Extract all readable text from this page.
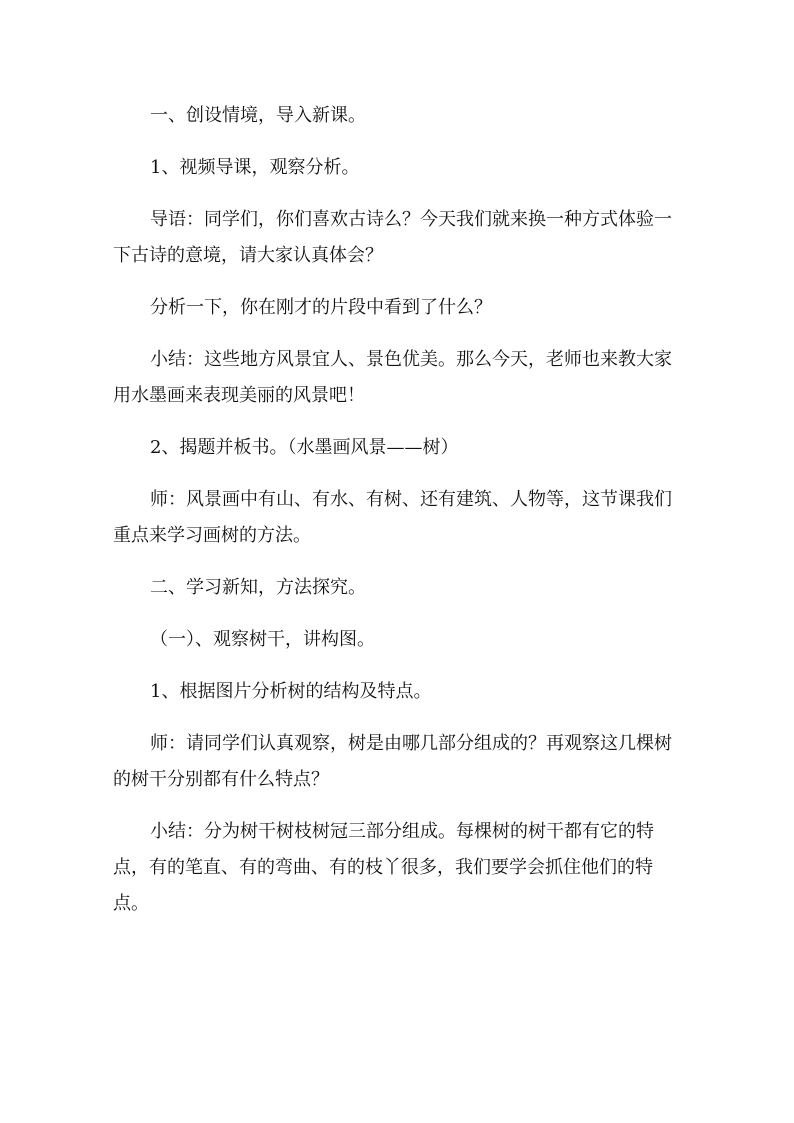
一、创设情境，导入新课。

1、视频导课，观察分析。

导语：同学们，你们喜欢古诗么？今天我们就来换一种方式体验一下古诗的意境，请大家认真体会？

分析一下，你在刚才的片段中看到了什么？

小结：这些地方风景宜人、景色优美。那么今天，老师也来教大家用水墨画来表现美丽的风景吧！

2、揭题并板书。（水墨画风景——树）

师：风景画中有山、有水、有树、还有建筑、人物等，这节课我们重点来学习画树的方法。

二、学习新知，方法探究。

（一）、观察树干，讲构图。

1、根据图片分析树的结构及特点。

师：请同学们认真观察，树是由哪几部分组成的？再观察这几棵树的树干分别都有什么特点？

小结：分为树干树枝树冠三部分组成。每棵树的树干都有它的特点，有的笔直、有的弯曲、有的枝丫很多，我们要学会抓住他们的特点。
